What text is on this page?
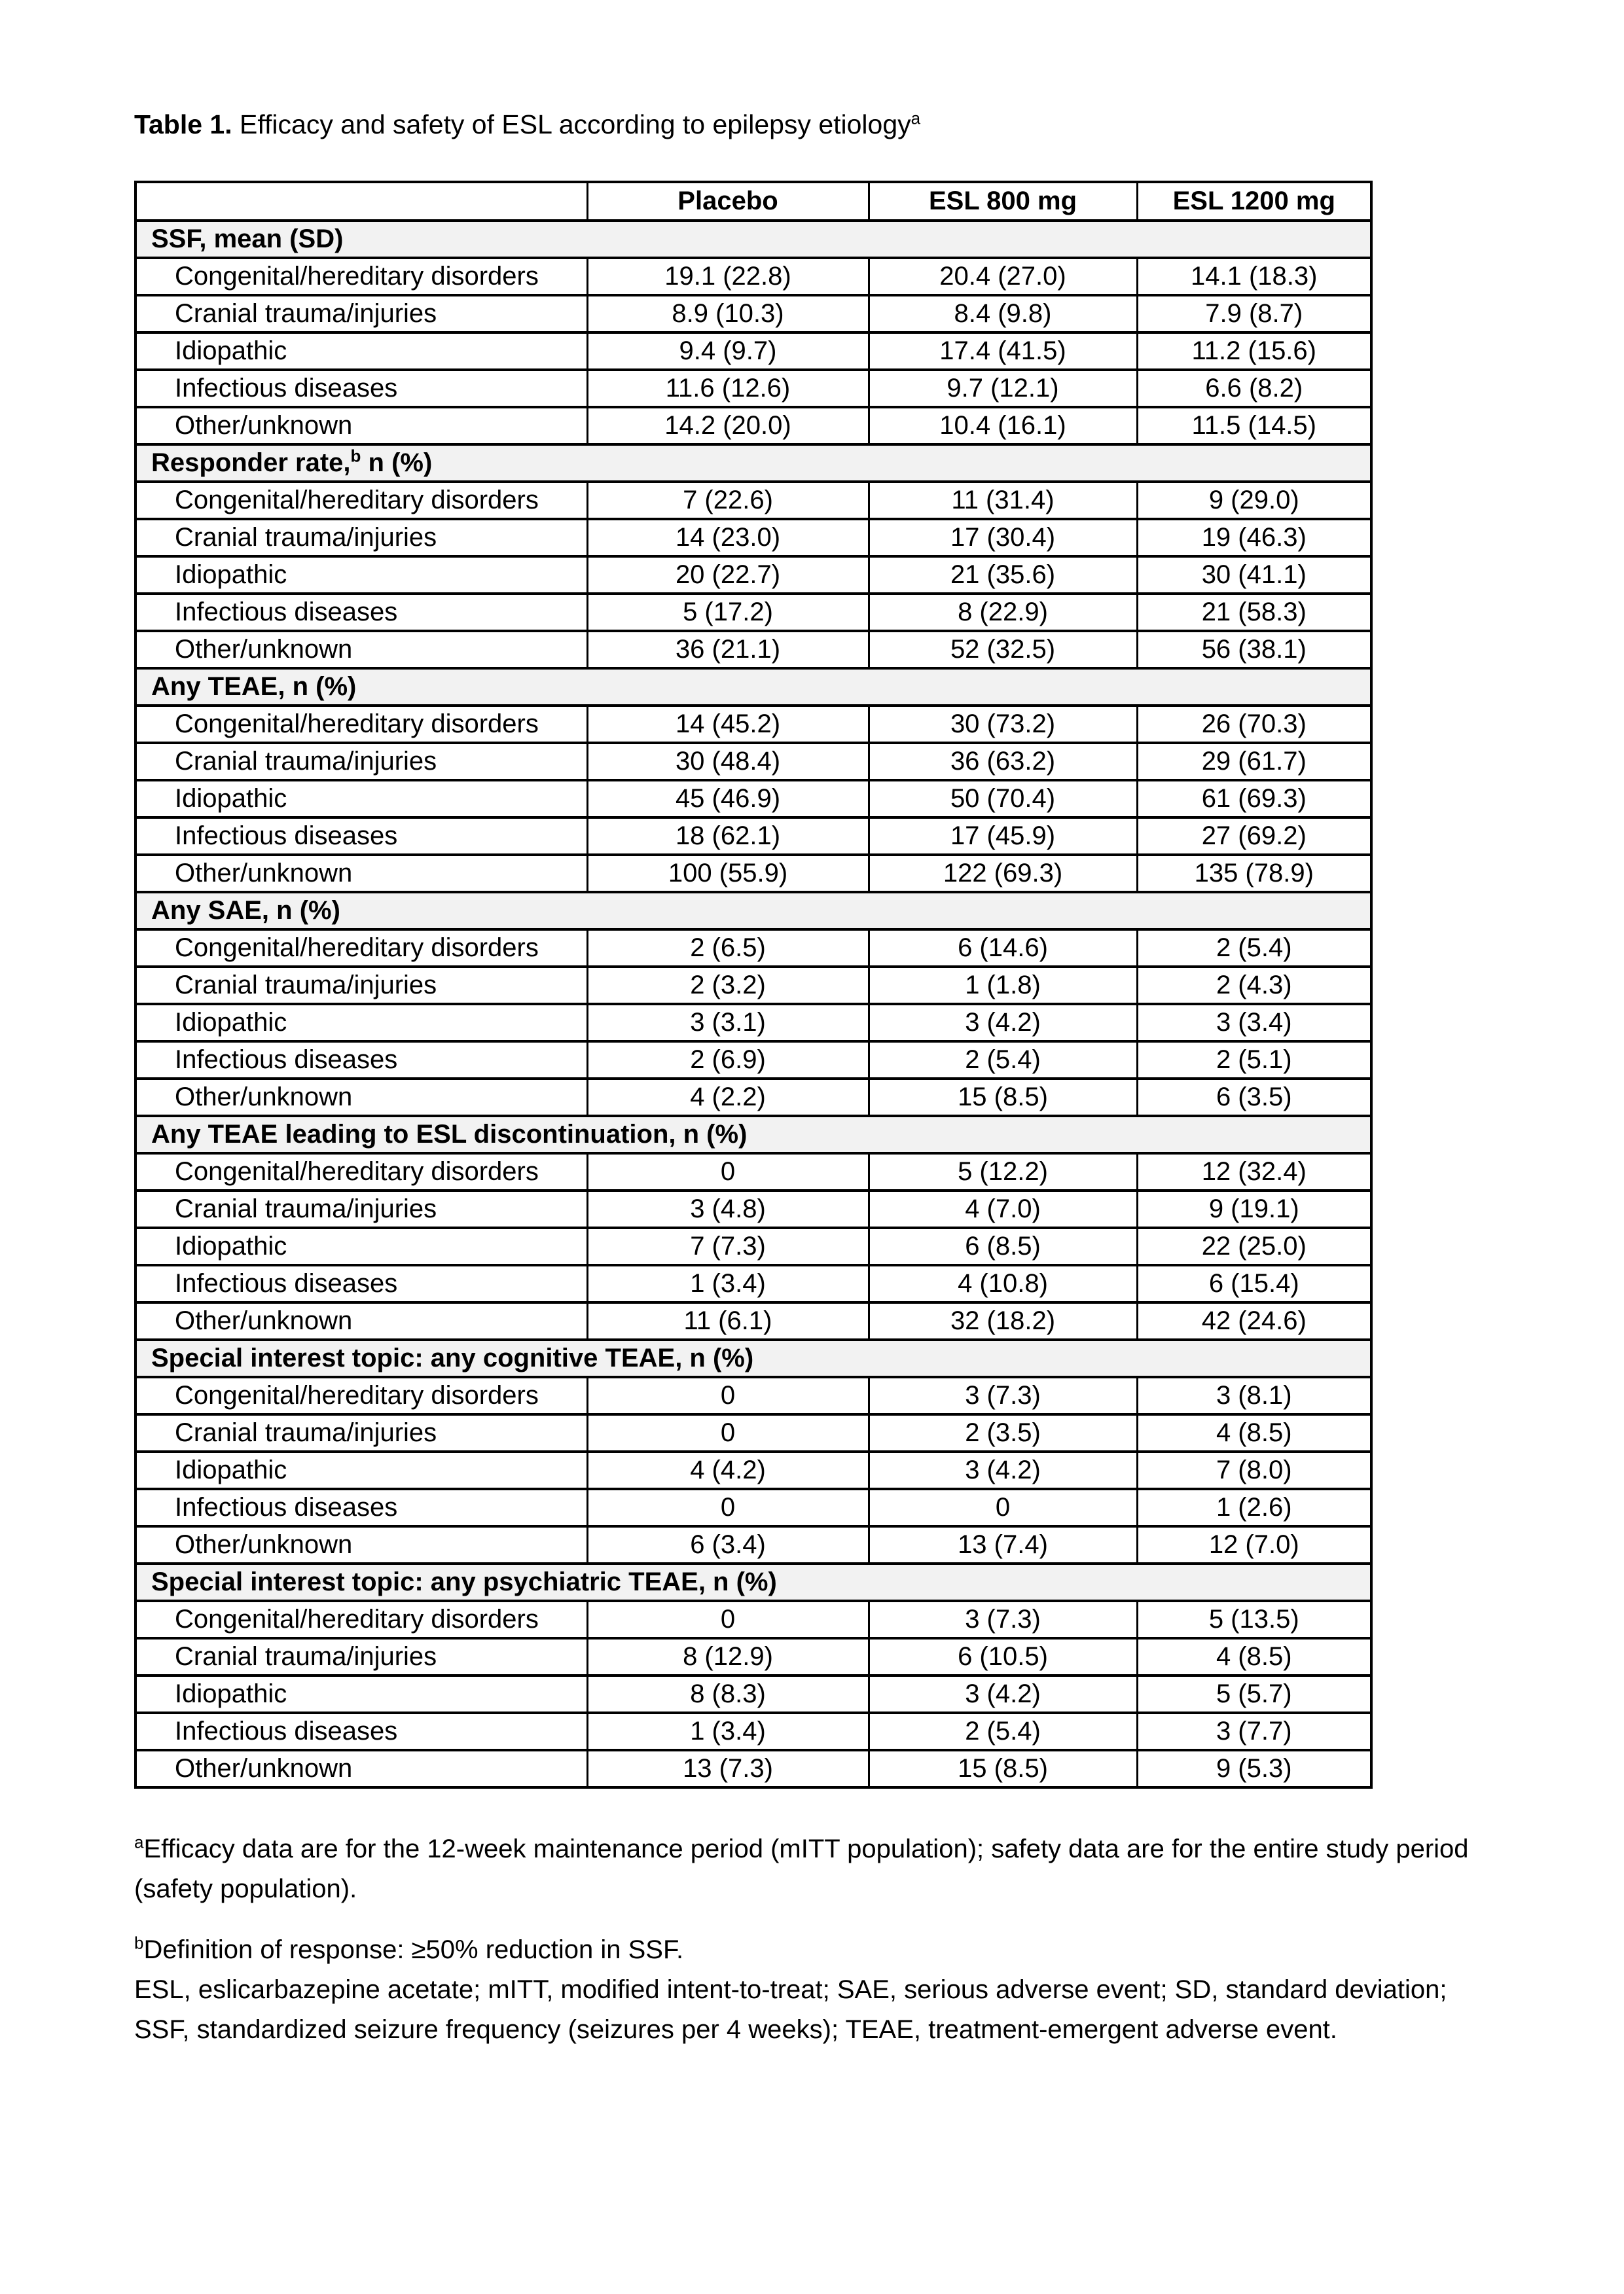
Table 1. Efficacy and safety of ESL according to epilepsy etiology$^a$

	Placebo	ESL 800 mg	ESL 1200 mg
SSF, mean (SD)			
Congenital/hereditary disorders	19.1 (22.8)	20.4 (27.0)	14.1 (18.3)
Cranial trauma/injuries	8.9 (10.3)	8.4 (9.8)	7.9 (8.7)
Idiopathic	9.4 (9.7)	17.4 (41.5)	11.2 (15.6)
Infectious diseases	11.6 (12.6)	9.7 (12.1)	6.6 (8.2)
Other/unknown	14.2 (20.0)	10.4 (16.1)	11.5 (14.5)
Responder rate,$^b$ n (%)			
Congenital/hereditary disorders	7 (22.6)	11 (31.4)	9 (29.0)
Cranial trauma/injuries	14 (23.0)	17 (30.4)	19 (46.3)
Idiopathic	20 (22.7)	21 (35.6)	30 (41.1)
Infectious diseases	5 (17.2)	8 (22.9)	21 (58.3)
Other/unknown	36 (21.1)	52 (32.5)	56 (38.1)
Any TEAE, n (%)			
Congenital/hereditary disorders	14 (45.2)	30 (73.2)	26 (70.3)
Cranial trauma/injuries	30 (48.4)	36 (63.2)	29 (61.7)
Idiopathic	45 (46.9)	50 (70.4)	61 (69.3)
Infectious diseases	18 (62.1)	17 (45.9)	27 (69.2)
Other/unknown	100 (55.9)	122 (69.3)	135 (78.9)
Any SAE, n (%)			
Congenital/hereditary disorders	2 (6.5)	6 (14.6)	2 (5.4)
Cranial trauma/injuries	2 (3.2)	1 (1.8)	2 (4.3)
Idiopathic	3 (3.1)	3 (4.2)	3 (3.4)
Infectious diseases	2 (6.9)	2 (5.4)	2 (5.1)
Other/unknown	4 (2.2)	15 (8.5)	6 (3.5)
Any TEAE leading to ESL discontinuation, n (%)			
Congenital/hereditary disorders	0	5 (12.2)	12 (32.4)
Cranial trauma/injuries	3 (4.8)	4 (7.0)	9 (19.1)
Idiopathic	7 (7.3)	6 (8.5)	22 (25.0)
Infectious diseases	1 (3.4)	4 (10.8)	6 (15.4)
Other/unknown	11 (6.1)	32 (18.2)	42 (24.6)
Special interest topic: any cognitive TEAE, n (%)			
Congenital/hereditary disorders	0	3 (7.3)	3 (8.1)
Cranial trauma/injuries	0	2 (3.5)	4 (8.5)
Idiopathic	4 (4.2)	3 (4.2)	7 (8.0)
Infectious diseases	0	0	1 (2.6)
Other/unknown	6 (3.4)	13 (7.4)	12 (7.0)
Special interest topic: any psychiatric TEAE, n (%)			
Congenital/hereditary disorders	0	3 (7.3)	5 (13.5)
Cranial trauma/injuries	8 (12.9)	6 (10.5)	4 (8.5)
Idiopathic	8 (8.3)	3 (4.2)	5 (5.7)
Infectious diseases	1 (3.4)	2 (5.4)	3 (7.7)
Other/unknown	13 (7.3)	15 (8.5)	9 (5.3)

$^a$Efficacy data are for the 12-week maintenance period (mITT population); safety data are for the entire study period (safety population).

$^b$Definition of response: ≥50% reduction in SSF.

ESL, eslicarbazepine acetate; mITT, modified intent-to-treat; SAE, serious adverse event; SD, standard deviation; SSF, standardized seizure frequency (seizures per 4 weeks); TEAE, treatment-emergent adverse event.
